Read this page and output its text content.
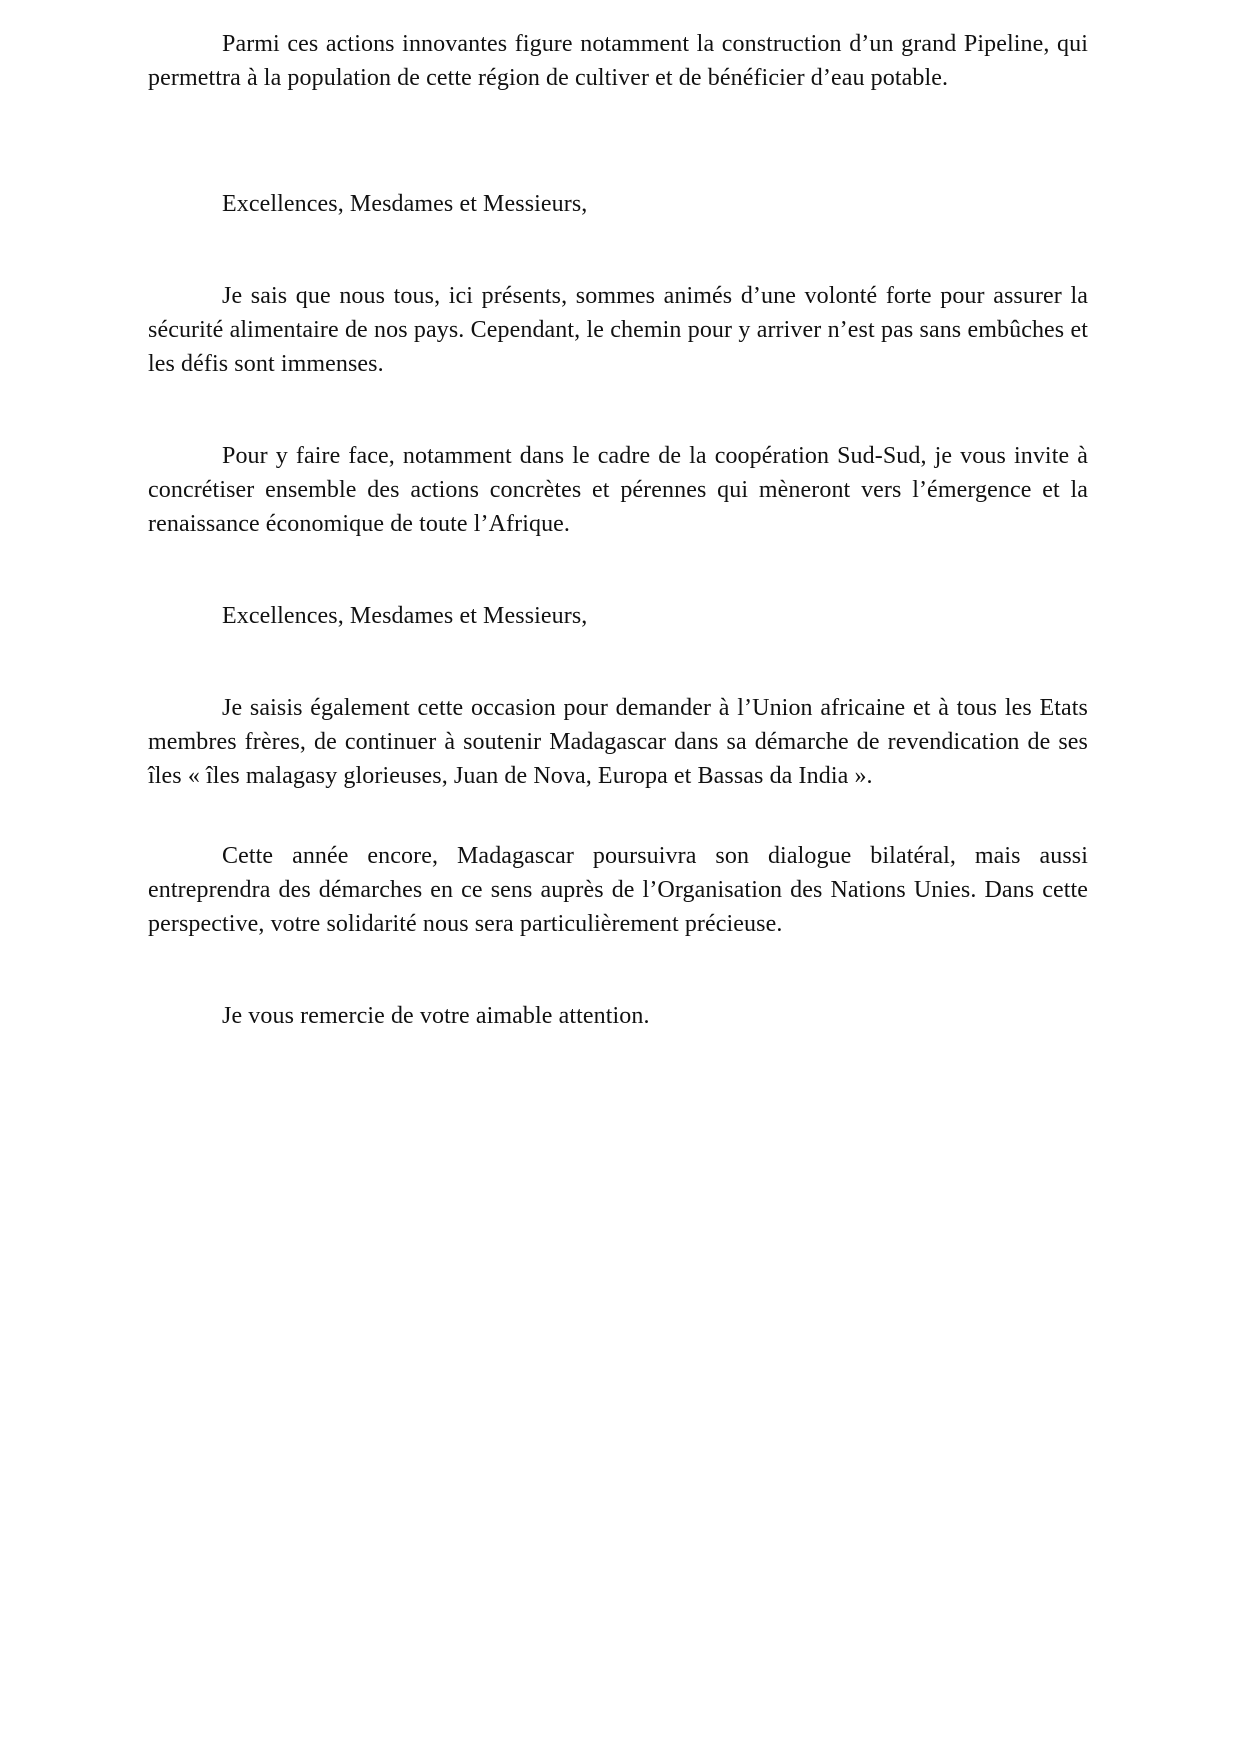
Parmi ces actions innovantes figure notamment la construction d’un grand Pipeline, qui permettra à la population de cette région de cultiver et de bénéficier d’eau potable.

Excellences, Mesdames et Messieurs,

Je sais que nous tous, ici présents, sommes animés d’une volonté forte pour assurer la sécurité alimentaire de nos pays. Cependant, le chemin pour y arriver n’est pas sans embûches et les défis sont immenses.

Pour y faire face, notamment dans le cadre de la coopération Sud-Sud, je vous invite à concrétiser ensemble des actions concrètes et pérennes qui mèneront vers l’émergence et la renaissance économique de toute l’Afrique.

Excellences, Mesdames et Messieurs,

Je saisis également cette occasion pour demander à l’Union africaine et à tous les Etats membres frères, de continuer à soutenir Madagascar dans sa démarche de revendication de ses îles « îles malagasy glorieuses, Juan de Nova, Europa et Bassas da India ».

Cette année encore, Madagascar poursuivra son dialogue bilatéral, mais aussi entreprendra des démarches en ce sens auprès de l’Organisation des Nations Unies. Dans cette perspective, votre solidarité nous sera particulièrement précieuse.

Je vous remercie de votre aimable attention.
